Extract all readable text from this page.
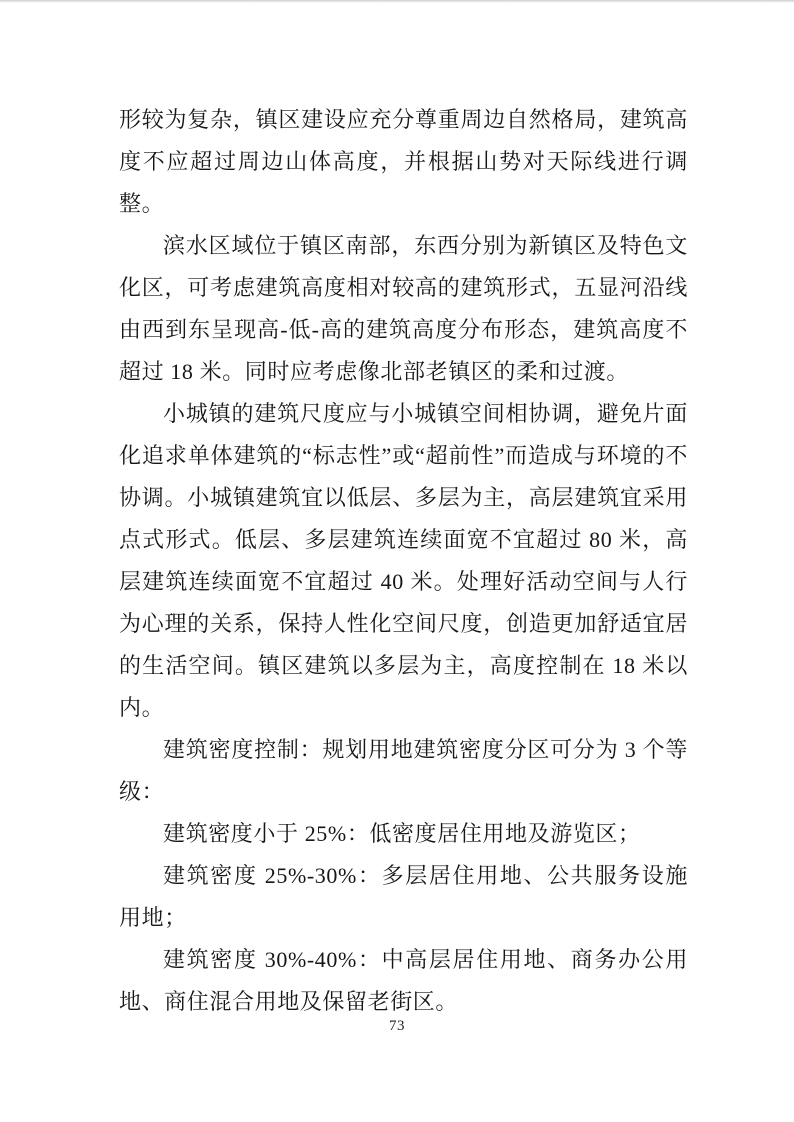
形较为复杂，镇区建设应充分尊重周边自然格局，建筑高度不应超过周边山体高度，并根据山势对天际线进行调整。

滨水区域位于镇区南部，东西分别为新镇区及特色文化区，可考虑建筑高度相对较高的建筑形式，五显河沿线由西到东呈现高-低-高的建筑高度分布形态，建筑高度不超过 18 米。同时应考虑像北部老镇区的柔和过渡。

小城镇的建筑尺度应与小城镇空间相协调，避免片面化追求单体建筑的“标志性”或“超前性”而造成与环境的不协调。小城镇建筑宜以低层、多层为主，高层建筑宜采用点式形式。低层、多层建筑连续面宽不宜超过 80 米，高层建筑连续面宽不宜超过 40 米。处理好活动空间与人行为心理的关系，保持人性化空间尺度，创造更加舒适宜居的生活空间。镇区建筑以多层为主，高度控制在 18 米以内。

建筑密度控制：规划用地建筑密度分区可分为 3 个等级：

建筑密度小于 25%：低密度居住用地及游览区；

建筑密度 25%-30%：多层居住用地、公共服务设施用地；

建筑密度 30%-40%：中高层居住用地、商务办公用地、商住混合用地及保留老街区。

73
